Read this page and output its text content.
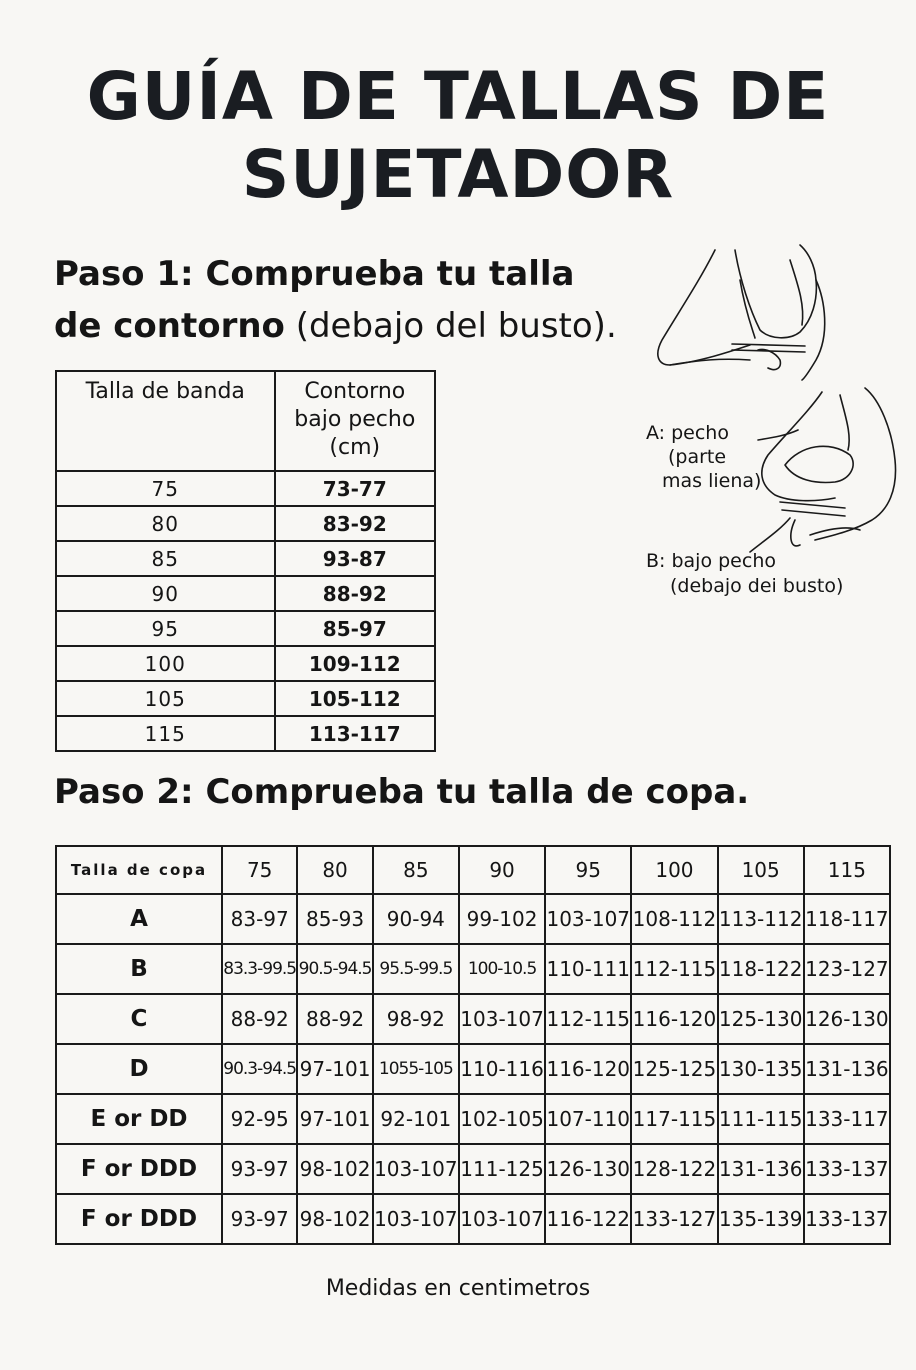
GUÍA DE TALLAS DE
SUJETADOR
Paso 1: Comprueba tu talla
de contorno (debajo del busto).
Talla de banda	Contorno
bajo pecho
(cm)

75	73-77
80	83-92
85	93-87
90	88-92
95	85-97
100	109-112
105	105-112
115	113-117
A: pecho
(parte
mas liena)
B: bajo pecho
(debajo dei busto)
Paso 2: Comprueba tu talla de copa.
Talla de copa	75	80	85	90	95	100	105	115
A	83-97	85-93	90-94	99-102	103-107	108-112	113-112	118-117
B	83.3-99.5	90.5-94.5	95.5-99.5	100-10.5	110-111	112-115	118-122	123-127
C	88-92	88-92	98-92	103-107	112-115	116-120	125-130	126-130
D	90.3-94.5	97-101	1055-105	110-116	116-120	125-125	130-135	131-136
E or DD	92-95	97-101	92-101	102-105	107-110	117-115	111-115	133-117
F or DDD	93-97	98-102	103-107	111-125	126-130	128-122	131-136	133-137
F or DDD	93-97	98-102	103-107	103-107	116-122	133-127	135-139	133-137
Medidas en centimetros
